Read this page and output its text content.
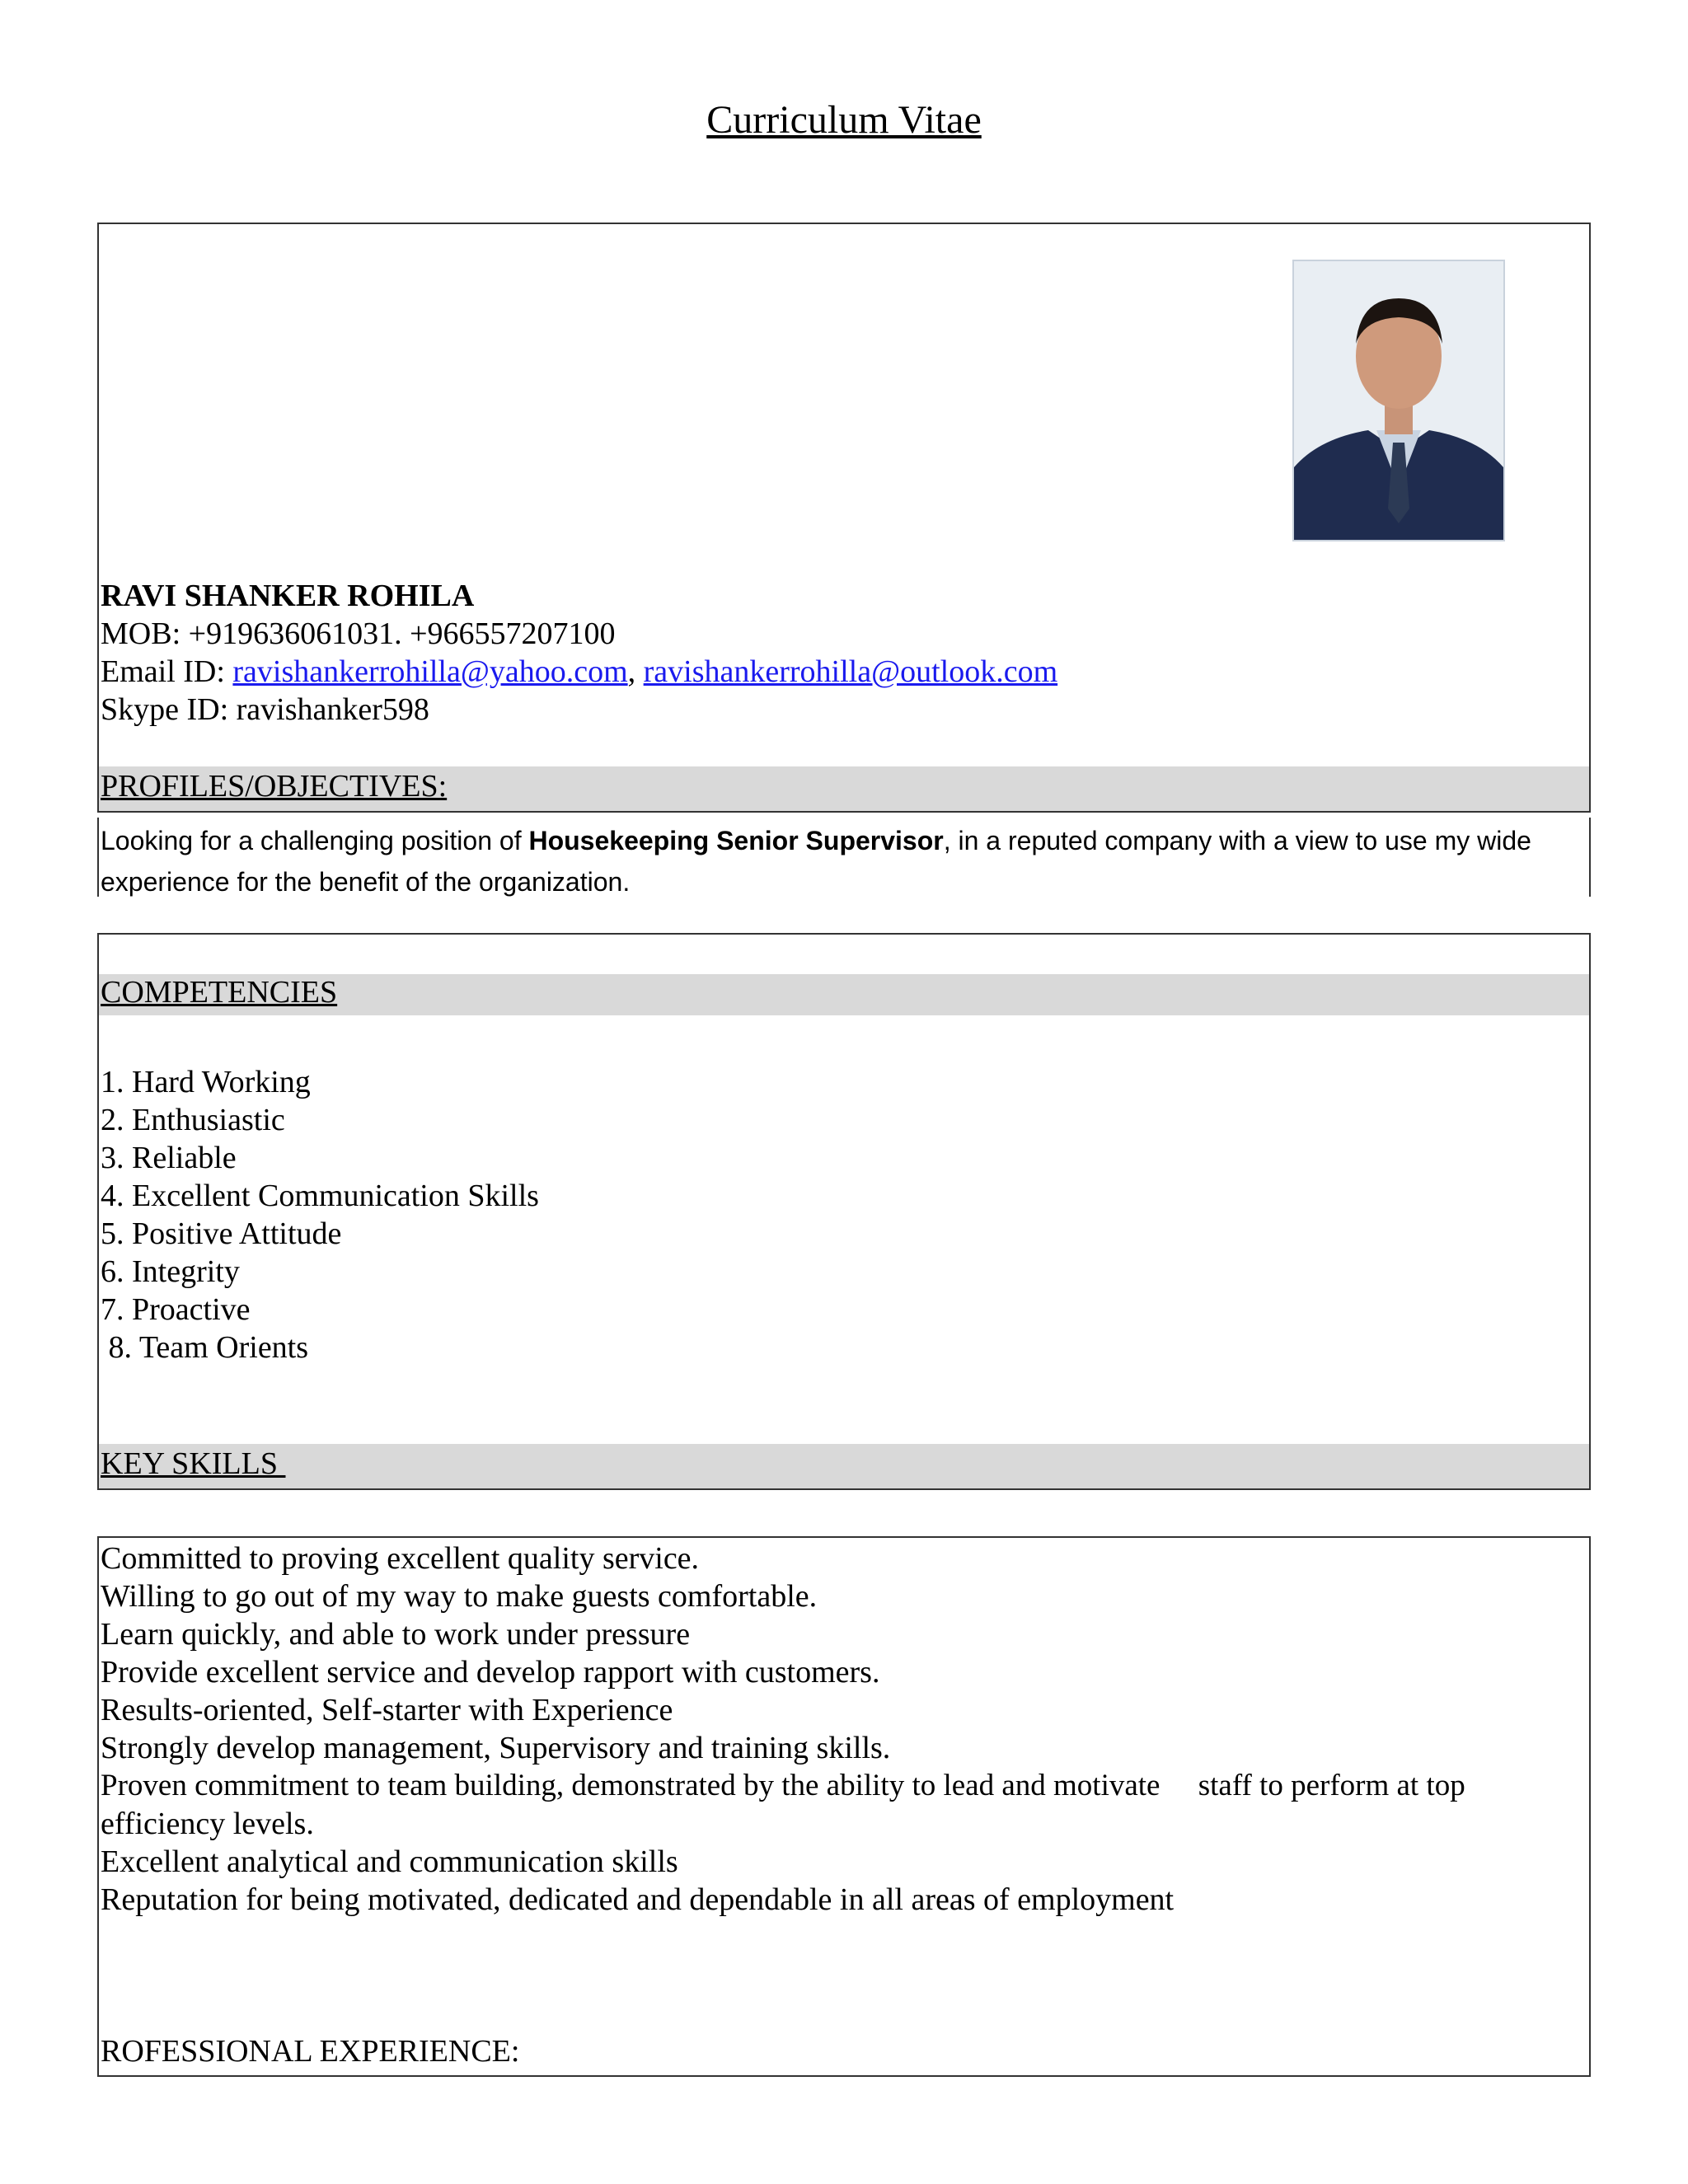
Curriculum Vitae
RAVI SHANKER ROHILA
MOB: +919636061031. +966557207100
Email ID: ravishankerrohilla@yahoo.com, ravishankerrohilla@outlook.com
Skype ID: ravishanker598
PROFILES/OBJECTIVES:
Looking for a challenging position of Housekeeping Senior Supervisor, in a reputed company with a view to use my wide
experience for the benefit of the organization.
COMPETENCIES
1. Hard Working
2. Enthusiastic
3. Reliable
4. Excellent Communication Skills
5. Positive Attitude
6. Integrity
7. Proactive
8. Team Orients
KEY SKILLS
Committed to proving excellent quality service.
Willing to go out of my way to make guests comfortable.
Learn quickly, and able to work under pressure
Provide excellent service and develop rapport with customers.
Results-oriented, Self-starter with Experience
Strongly develop management, Supervisory and training skills.
Proven commitment to team building, demonstrated by the ability to lead and motivate     staff to perform at top
efficiency levels.
Excellent analytical and communication skills
Reputation for being motivated, dedicated and dependable in all areas of employment
ROFESSIONAL EXPERIENCE:
